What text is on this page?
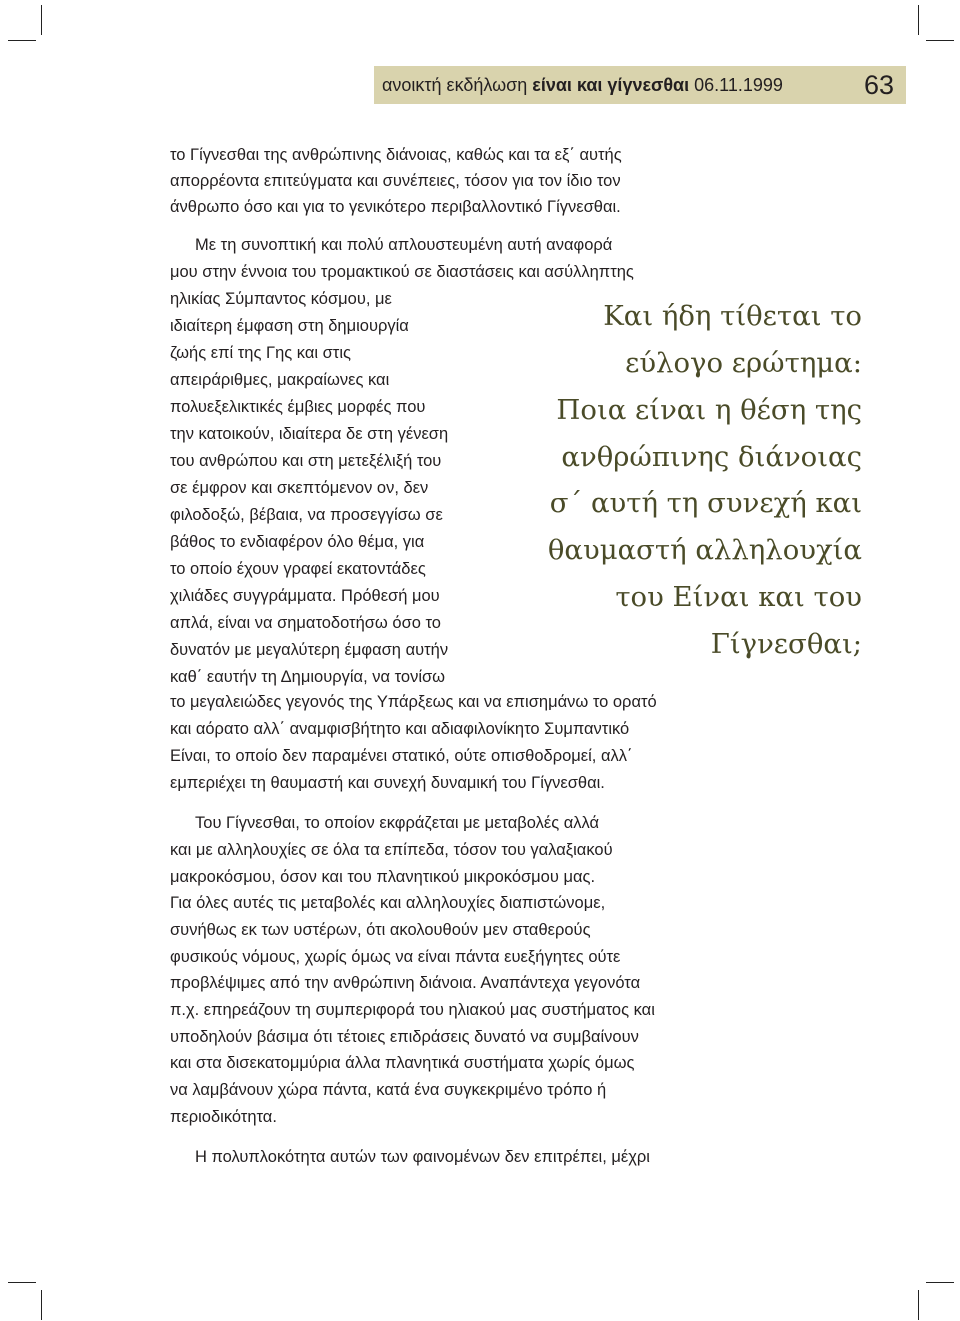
ανοικτή εκδήλωση είναι και γίγνεσθαι 06.11.1999	63
το Γίγνεσθαι της ανθρώπινης διάνοιας, καθώς και τα εξ΄ αυτής
απορρέοντα επιτεύγματα και συνέπειες, τόσον για τον ίδιο τον
άνθρωπο όσο και για το γενικότερο περιβαλλοντικό Γίγνεσθαι.
Με τη συνοπτική και πολύ απλουστευμένη αυτή αναφορά
μου στην έννοια του τρομακτικού σε διαστάσεις και ασύλληπτης
ηλικίας Σύμπαντος κόσμου, με
ιδιαίτερη έμφαση στη δημιουργία
ζωής επί της Γης και στις
απειράριθμες, μακραίωνες και
πολυεξελικτικές έμβιες μορφές που
την κατοικούν, ιδιαίτερα δε στη γένεση
του ανθρώπου και στη μετεξέλιξή του
σε έμφρον και σκεπτόμενον ον, δεν
φιλοδοξώ, βέβαια, να προσεγγίσω σε
βάθος το ενδιαφέρον όλο θέμα, για
το οποίο έχουν γραφεί εκατοντάδες
χιλιάδες συγγράμματα. Πρόθεσή μου
απλά, είναι να σηματοδοτήσω όσο το
δυνατόν με μεγαλύτερη έμφαση αυτήν
καθ΄ εαυτήν τη Δημιουργία, να τονίσω
το μεγαλειώδες γεγονός της Υπάρξεως και να επισημάνω το ορατό
και αόρατο αλλ΄ αναμφισβήτητο και αδιαφιλονίκητο Συμπαντικό
Είναι, το οποίο δεν παραμένει στατικό, ούτε οπισθοδρομεί, αλλ΄
εμπεριέχει τη θαυμαστή και συνεχή δυναμική του Γίγνεσθαι.
Του Γίγνεσθαι, το οποίον εκφράζεται με μεταβολές αλλά
και με αλληλουχίες σε όλα τα επίπεδα, τόσον του γαλαξιακού
μακροκόσμου, όσον και του πλανητικού μικροκόσμου μας.
Για όλες αυτές τις μεταβολές και αλληλουχίες διαπιστώνομε,
συνήθως εκ των υστέρων, ότι ακολουθούν μεν σταθερούς
φυσικούς νόμους, χωρίς όμως να είναι πάντα ευεξήγητες ούτε
προβλέψιμες από την ανθρώπινη διάνοια. Αναπάντεχα γεγονότα
π.χ. επηρεάζουν τη συμπεριφορά του ηλιακού μας συστήματος και
υποδηλούν βάσιμα ότι τέτοιες επιδράσεις δυνατό να συμβαίνουν
και στα δισεκατομμύρια άλλα πλανητικά συστήματα χωρίς όμως
να λαμβάνουν χώρα πάντα, κατά ένα συγκεκριμένο τρόπο ή
περιοδικότητα.
Η πολυπλοκότητα αυτών των φαινομένων δεν επιτρέπει, μέχρι
Και ήδη τίθεται το
εύλογο ερώτημα:
Ποια είναι η θέση της
ανθρώπινης διάνοιας
σ΄ αυτή τη συνεχή και
θαυμαστή αλληλουχία
του Είναι και του
Γίγνεσθαι;
